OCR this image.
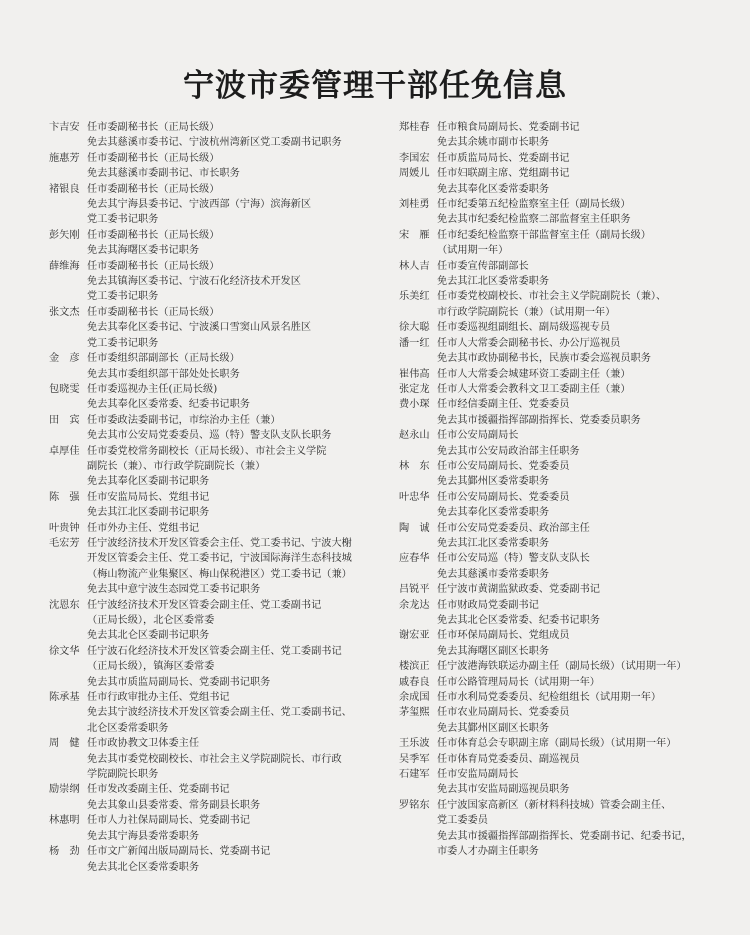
宁波市委管理干部任免信息
卞吉安 任市委副秘书长（正局长级）
免去其慈溪市委书记、宁波杭州湾新区党工委副书记职务
施惠芳 任市委副秘书长（正局长级）
免去其慈溪市委副书记、市长职务
褚银良 任市委副秘书长（正局长级）
免去其宁海县委书记、宁波西部（宁海）滨海新区
党工委书记职务
彭矢刚 任市委副秘书长（正局长级）
免去其海曙区委书记职务
薛维海 任市委副秘书长（正局长级）
免去其镇海区委书记、宁波石化经济技术开发区
党工委书记职务
张文杰 任市委副秘书长（正局长级）
免去其奉化区委书记、宁波溪口雪窦山风景名胜区
党工委书记职务
金　彦 任市委组织部副部长（正局长级）
免去其市委组织部干部处处长职务
包晓雯 任市委巡视办主任(正局长级)
免去其奉化区委常委、纪委书记职务
田　宾 任市委政法委副书记，市综治办主任（兼）
免去其市公安局党委委员、巡（特）警支队支队长职务
卓厚佳 任市委党校常务副校长（正局长级）、市社会主义学院
副院长（兼）、市行政学院副院长（兼）
免去其奉化区委副书记职务
陈　强 任市安监局局长、党组书记
免去其江北区委副书记职务
叶贵钟 任市外办主任、党组书记
毛宏芳 任宁波经济技术开发区管委会主任、党工委书记、宁波大榭
开发区管委会主任、党工委书记，宁波国际海洋生态科技城
（梅山物流产业集聚区、梅山保税港区）党工委书记（兼）
免去其中意宁波生态园党工委书记职务
沈恩东 任宁波经济技术开发区管委会副主任、党工委副书记
（正局长级），北仑区委常委
免去其北仑区委副书记职务
徐文华 任宁波石化经济技术开发区管委会副主任、党工委副书记
（正局长级），镇海区委常委
免去其市质监局副局长、党委副书记职务
陈承基 任市行政审批办主任、党组书记
免去其宁波经济技术开发区管委会副主任、党工委副书记、
北仑区委常委职务
周　健 任市政协教文卫体委主任
免去其市委党校副校长、市社会主义学院副院长、市行政
学院副院长职务
励崇纲 任市发改委副主任、党委副书记
免去其象山县委常委、常务副县长职务
林惠明 任市人力社保局副局长、党委副书记
免去其宁海县委常委职务
杨　劲 任市文广新闻出版局副局长、党委副书记
免去其北仑区委常委职务
郑桂春 任市粮食局副局长、党委副书记
免去其余姚市副市长职务
李国宏 任市质监局局长、党委副书记
周媛儿 任市妇联副主席、党组副书记
免去其奉化区委常委职务
刘桂勇 任市纪委第五纪检监察室主任（副局长级）
免去其市纪委纪检监察二部监督室主任职务
宋　雁 任市纪委纪检监察干部监督室主任（副局长级）
（试用期一年）
林人吉 任市委宣传部副部长
免去其江北区委常委职务
乐美红 任市委党校副校长、市社会主义学院副院长（兼）、
市行政学院副院长（兼）（试用期一年）
徐大聪 任市委巡视组副组长、副局级巡视专员
潘一红 任市人大常委会副秘书长、办公厅巡视员
免去其市政协副秘书长，民族市委会巡视员职务
崔伟高 任市人大常委会城建环资工委副主任（兼）
张定龙 任市人大常委会教科文卫工委副主任（兼）
费小琛 任市经信委副主任、党委委员
免去其市援疆指挥部副指挥长、党委委员职务
赵永山 任市公安局副局长
免去其市公安局政治部主任职务
林　东 任市公安局副局长、党委委员
免去其鄞州区委常委职务
叶忠华 任市公安局副局长、党委委员
免去其奉化区委常委职务
陶　诚 任市公安局党委委员、政治部主任
免去其江北区委常委职务
应春华 任市公安局巡（特）警支队支队长
免去其慈溪市委常委职务
吕锐平 任宁波市黄湖监狱政委、党委副书记
余龙达 任市财政局党委副书记
免去其北仑区委常委、纪委书记职务
谢宏亚 任市环保局副局长、党组成员
免去其海曙区副区长职务
楼滨正 任宁波港海铁联运办副主任（副局长级）（试用期一年）
戚春良 任市公路管理局局长（试用期一年）
余成国 任市水利局党委委员、纪检组组长（试用期一年）
茅玺熙 任市农业局副局长、党委委员
免去其鄞州区副区长职务
王乐波 任市体育总会专职副主席（副局长级）（试用期一年）
吴季军 任市体育局党委委员、副巡视员
石建军 任市安监局副局长
免去其市安监局副巡视员职务
罗铭东 任宁波国家高新区（新材料科技城）管委会副主任、
党工委委员
免去其市援疆指挥部副指挥长、党委副书记、纪委书记，
市委人才办副主任职务
